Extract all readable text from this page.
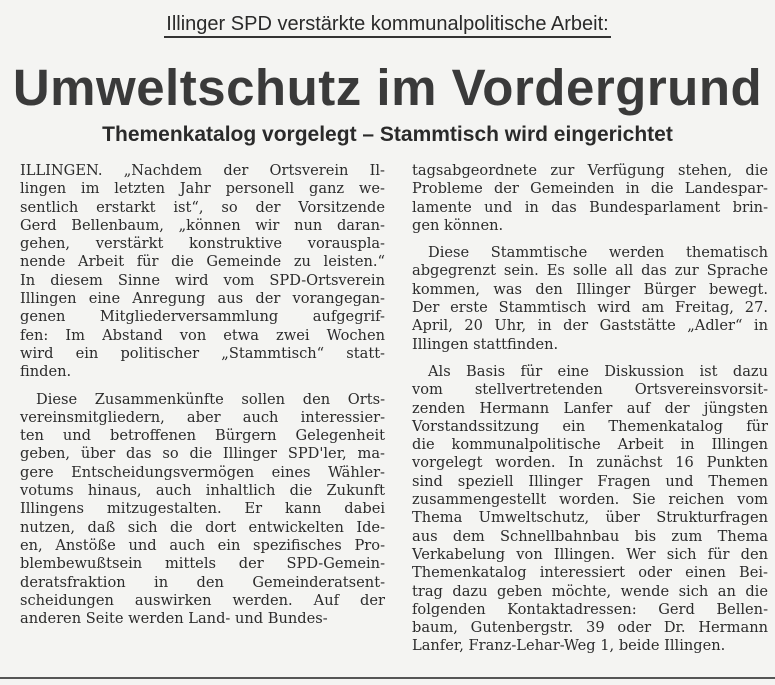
Illinger SPD verstärkte kommunalpolitische Arbeit:
Umweltschutz im Vordergrund
Themenkatalog vorgelegt – Stammtisch wird eingerichtet

ILLINGEN. „Nachdem der Ortsverein Il-
lingen im letzten Jahr personell ganz we-
sentlich erstarkt ist“, so der Vorsitzende
Gerd Bellenbaum, „können wir nun daran-
gehen, verstärkt konstruktive vorauspla-
nende Arbeit für die Gemeinde zu leisten.“
In diesem Sinne wird vom SPD-Ortsverein
Illingen eine Anregung aus der vorangegan-
genen Mitgliederversammlung aufgegrif-
fen: Im Abstand von etwa zwei Wochen
wird ein politischer „Stammtisch“ statt-
finden.

Diese Zusammenkünfte sollen den Orts-
vereinsmitgliedern, aber auch interessier-
ten und betroffenen Bürgern Gelegenheit
geben, über das so die Illinger SPD'ler, ma-
gere Entscheidungsvermögen eines Wähler-
votums hinaus, auch inhaltlich die Zukunft
Illingens mitzugestalten. Er kann dabei
nutzen, daß sich die dort entwickelten Ide-
en, Anstöße und auch ein spezifisches Pro-
blembewußtsein mittels der SPD-Gemein-
deratsfraktion in den Gemeinderatsent-
scheidungen auswirken werden. Auf der
anderen Seite werden Land- und Bundes-

tagsabgeordnete zur Verfügung stehen, die
Probleme der Gemeinden in die Landespar-
lamente und in das Bundesparlament brin-
gen können.

Diese Stammtische werden thematisch
abgegrenzt sein. Es solle all das zur Sprache
kommen, was den Illinger Bürger bewegt.
Der erste Stammtisch wird am Freitag, 27.
April, 20 Uhr, in der Gaststätte „Adler“ in
Illingen stattfinden.

Als Basis für eine Diskussion ist dazu
vom stellvertretenden Ortsvereinsvorsit-
zenden Hermann Lanfer auf der jüngsten
Vorstandssitzung ein Themenkatalog für
die kommunalpolitische Arbeit in Illingen
vorgelegt worden. In zunächst 16 Punkten
sind speziell Illinger Fragen und Themen
zusammengestellt worden. Sie reichen vom
Thema Umweltschutz, über Strukturfragen
aus dem Schnellbahnbau bis zum Thema
Verkabelung von Illingen. Wer sich für den
Themenkatalog interessiert oder einen Bei-
trag dazu geben möchte, wende sich an die
folgenden Kontaktadressen: Gerd Bellen-
baum, Gutenbergstr. 39 oder Dr. Hermann
Lanfer, Franz-Lehar-Weg 1, beide Illingen.
